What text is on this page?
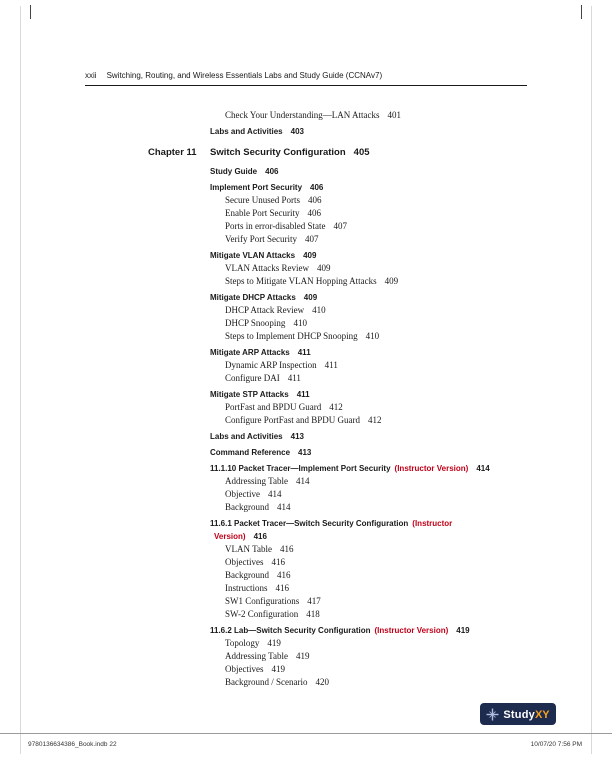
xxii Switching, Routing, and Wireless Essentials Labs and Study Guide (CCNAv7)
Check Your Understanding—LAN Attacks 401
Labs and Activities 403
Chapter 11 Switch Security Configuration 405
Study Guide 406
Implement Port Security 406
Secure Unused Ports 406
Enable Port Security 406
Ports in error-disabled State 407
Verify Port Security 407
Mitigate VLAN Attacks 409
VLAN Attacks Review 409
Steps to Mitigate VLAN Hopping Attacks 409
Mitigate DHCP Attacks 409
DHCP Attack Review 410
DHCP Snooping 410
Steps to Implement DHCP Snooping 410
Mitigate ARP Attacks 411
Dynamic ARP Inspection 411
Configure DAI 411
Mitigate STP Attacks 411
PortFast and BPDU Guard 412
Configure PortFast and BPDU Guard 412
Labs and Activities 413
Command Reference 413
11.1.10 Packet Tracer—Implement Port Security (Instructor Version) 414
Addressing Table 414
Objective 414
Background 414
11.6.1 Packet Tracer—Switch Security Configuration (Instructor
Version) 416
VLAN Table 416
Objectives 416
Background 416
Instructions 416
SW1 Configurations 417
SW-2 Configuration 418
11.6.2 Lab—Switch Security Configuration (Instructor Version) 419
Topology 419
Addressing Table 419
Objectives 419
Background / Scenario 420
StudyXY
9780136634386_Book.indb 22	10/07/20 7:56 PM
